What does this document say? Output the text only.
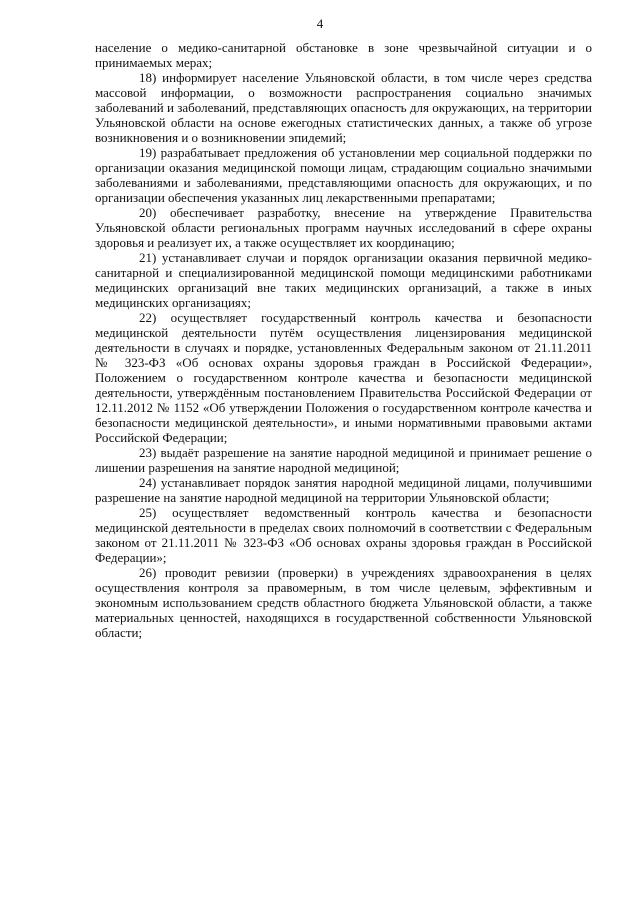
4

население о медико-санитарной обстановке в зоне чрезвычайной ситуации и о принимаемых мерах;

18) информирует население Ульяновской области, в том числе через средства массовой информации, о возможности распространения социально значимых заболеваний и заболеваний, представляющих опасность для окружающих, на территории Ульяновской области на основе ежегодных статистических данных, а также об угрозе возникновения и о возникновении эпидемий;

19) разрабатывает предложения об установлении мер социальной поддержки по организации оказания медицинской помощи лицам, страдающим социально значимыми заболеваниями и заболеваниями, представляющими опасность для окружающих, и по организации обеспечения указанных лиц лекарственными препаратами;

20) обеспечивает разработку, внесение на утверждение Правительства Ульяновской области региональных программ научных исследований в сфере охраны здоровья и реализует их, а также осуществляет их координацию;

21) устанавливает случаи и порядок организации оказания первичной медико-санитарной и специализированной медицинской помощи медицинскими работниками медицинских организаций вне таких медицинских организаций, а также в иных медицинских организациях;

22) осуществляет государственный контроль качества и безопасности медицинской деятельности путём осуществления лицензирования медицинской деятельности в случаях и порядке, установленных Федеральным законом от 21.11.2011 № 323-ФЗ «Об основах охраны здоровья граждан в Российской Федерации», Положением о государственном контроле качества и безопасности медицинской деятельности, утверждённым постановлением Правительства Российской Федерации от 12.11.2012 № 1152 «Об утверждении Положения о государственном контроле качества и безопасности медицинской деятельности», и иными нормативными правовыми актами Российской Федерации;

23) выдаёт разрешение на занятие народной медициной и принимает решение о лишении разрешения на занятие народной медициной;

24) устанавливает порядок занятия народной медициной лицами, получившими разрешение на занятие народной медициной на территории Ульяновской области;

25) осуществляет ведомственный контроль качества и безопасности медицинской деятельности в пределах своих полномочий в соответствии с Федеральным законом от 21.11.2011 № 323-ФЗ «Об основах охраны здоровья граждан в Российской Федерации»;

26) проводит ревизии (проверки) в учреждениях здравоохранения в целях осуществления контроля за правомерным, в том числе целевым, эффективным и экономным использованием средств областного бюджета Ульяновской области, а также материальных ценностей, находящихся в государственной собственности Ульяновской области;
